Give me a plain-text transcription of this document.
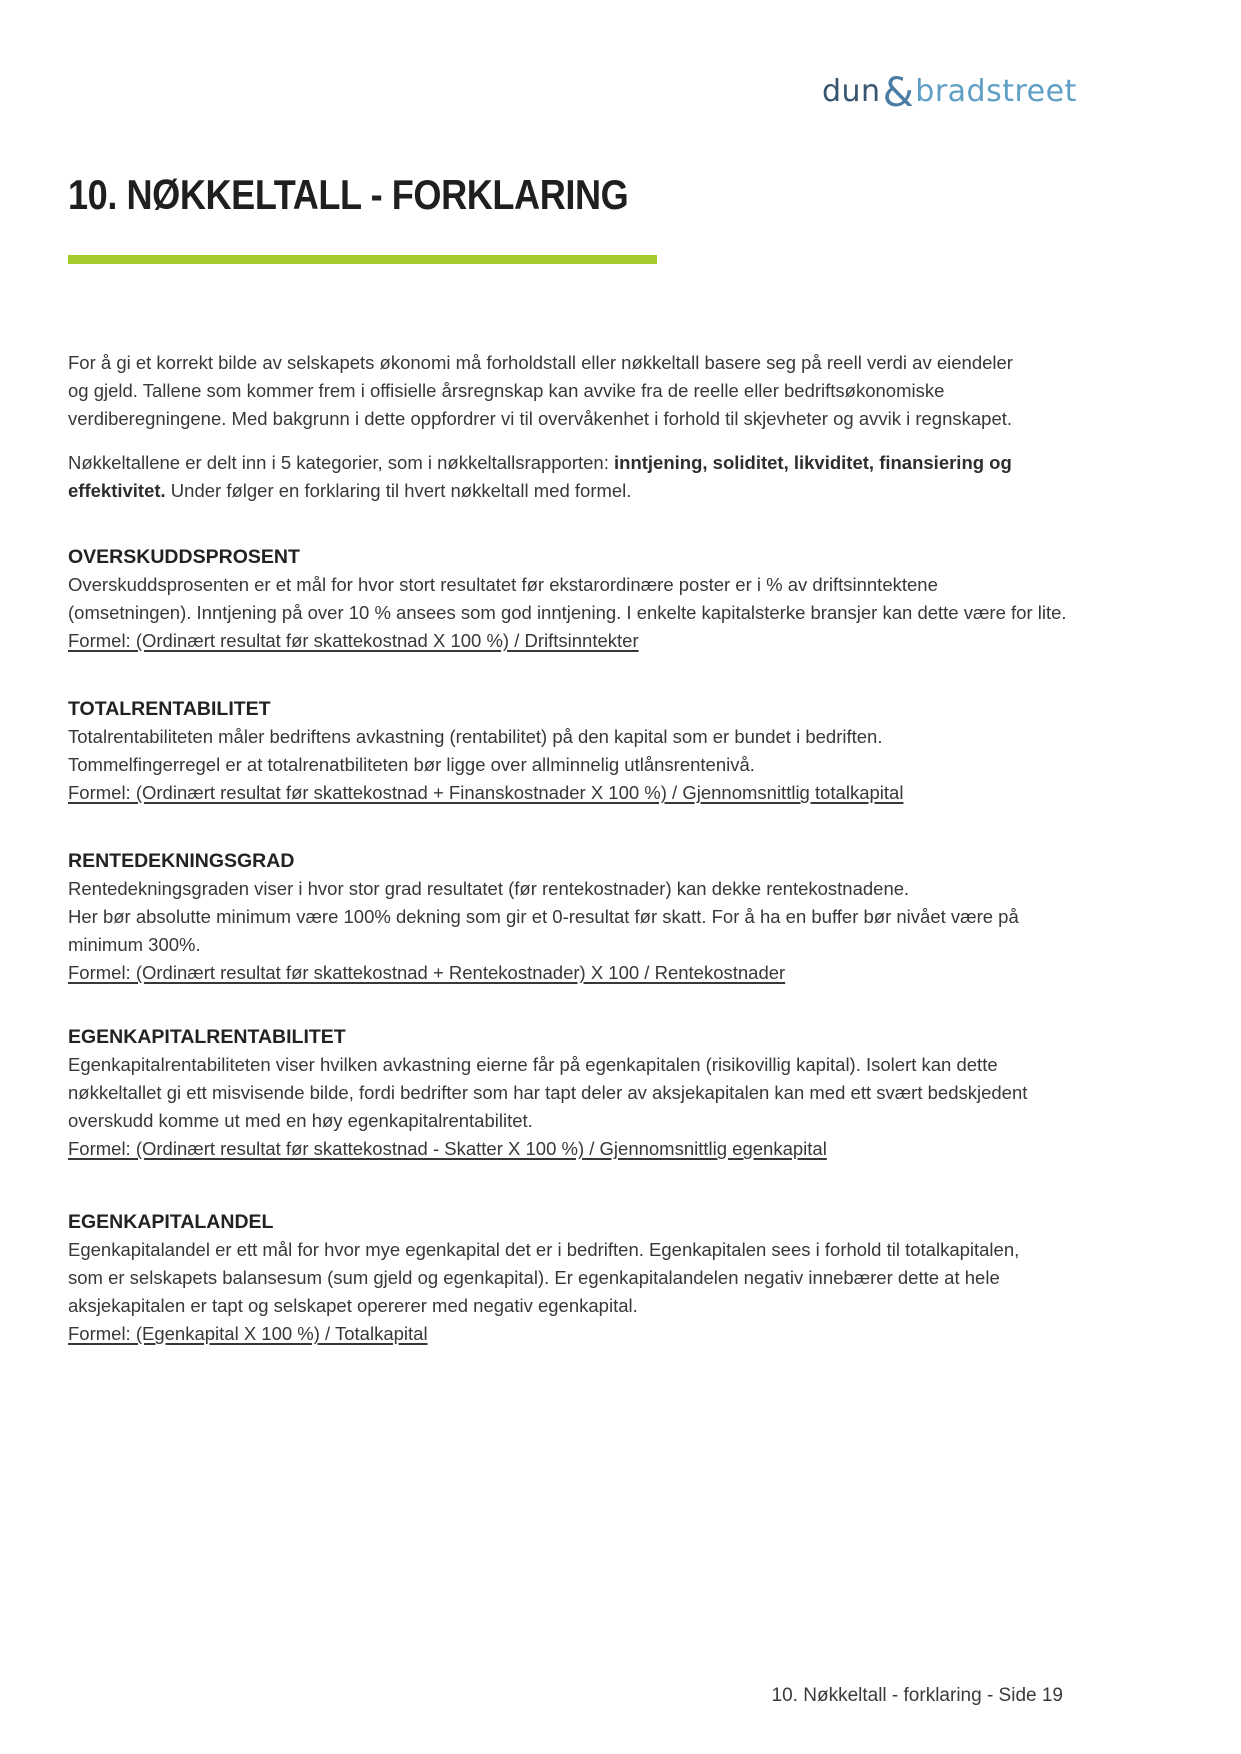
dun&bradstreet
10. NØKKELTALL - FORKLARING
For å gi et korrekt bilde av selskapets økonomi må forholdstall eller nøkkeltall basere seg på reell verdi av eiendeler
og gjeld. Tallene som kommer frem i offisielle årsregnskap kan avvike fra de reelle eller bedriftsøkonomiske
verdiberegningene. Med bakgrunn i dette oppfordrer vi til overvåkenhet i forhold til skjevheter og avvik i regnskapet.
Nøkkeltallene er delt inn i 5 kategorier, som i nøkkeltallsrapporten: inntjening, soliditet, likviditet, finansiering og
effektivitet. Under følger en forklaring til hvert nøkkeltall med formel.
OVERSKUDDSPROSENT
Overskuddsprosenten er et mål for hvor stort resultatet før ekstarordinære poster er i % av driftsinntektene
(omsetningen). Inntjening på over 10 % ansees som god inntjening. I enkelte kapitalsterke bransjer kan dette være for lite.
Formel: (Ordinært resultat før skattekostnad X 100 %) / Driftsinntekter
TOTALRENTABILITET
Totalrentabiliteten måler bedriftens avkastning (rentabilitet) på den kapital som er bundet i bedriften.
Tommelfingerregel er at totalrenatbiliteten bør ligge over allminnelig utlånsrentenivå.
Formel: (Ordinært resultat før skattekostnad + Finanskostnader X 100 %) / Gjennomsnittlig totalkapital
RENTEDEKNINGSGRAD
Rentedekningsgraden viser i hvor stor grad resultatet (før rentekostnader) kan dekke rentekostnadene.
Her bør absolutte minimum være 100% dekning som gir et 0-resultat før skatt. For å ha en buffer bør nivået være på
minimum 300%.
Formel: (Ordinært resultat før skattekostnad + Rentekostnader) X 100 / Rentekostnader
EGENKAPITALRENTABILITET
Egenkapitalrentabiliteten viser hvilken avkastning eierne får på egenkapitalen (risikovillig kapital). Isolert kan dette
nøkkeltallet gi ett misvisende bilde, fordi bedrifter som har tapt deler av aksjekapitalen kan med ett svært bedskjedent
overskudd komme ut med en høy egenkapitalrentabilitet.
Formel: (Ordinært resultat før skattekostnad - Skatter X 100 %) / Gjennomsnittlig egenkapital
EGENKAPITALANDEL
Egenkapitalandel er ett mål for hvor mye egenkapital det er i bedriften. Egenkapitalen sees i forhold til totalkapitalen,
som er selskapets balansesum (sum gjeld og egenkapital). Er egenkapitalandelen negativ innebærer dette at hele
aksjekapitalen er tapt og selskapet opererer med negativ egenkapital.
Formel: (Egenkapital X 100 %) / Totalkapital
10. Nøkkeltall - forklaring - Side 19
